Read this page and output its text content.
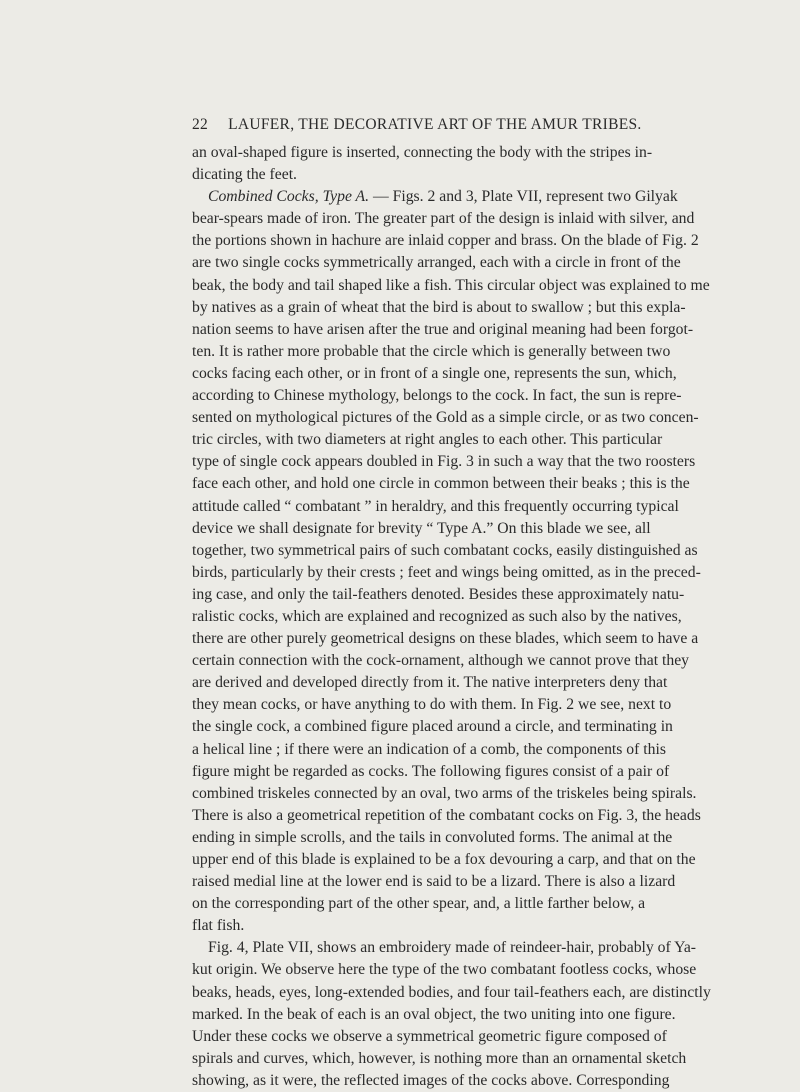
22	LAUFER, THE DECORATIVE ART OF THE AMUR TRIBES.
an oval-shaped figure is inserted, connecting the body with the stripes in-
dicating the feet.
Combined Cocks, Type A. — Figs. 2 and 3, Plate VII, represent two Gilyak
bear-spears made of iron. The greater part of the design is inlaid with silver, and
the portions shown in hachure are inlaid copper and brass. On the blade of Fig. 2
are two single cocks symmetrically arranged, each with a circle in front of the
beak, the body and tail shaped like a fish. This circular object was explained to me
by natives as a grain of wheat that the bird is about to swallow ; but this expla-
nation seems to have arisen after the true and original meaning had been forgot-
ten. It is rather more probable that the circle which is generally between two
cocks facing each other, or in front of a single one, represents the sun, which,
according to Chinese mythology, belongs to the cock. In fact, the sun is repre-
sented on mythological pictures of the Gold as a simple circle, or as two concen-
tric circles, with two diameters at right angles to each other. This particular
type of single cock appears doubled in Fig. 3 in such a way that the two roosters
face each other, and hold one circle in common between their beaks ; this is the
attitude called “ combatant ” in heraldry, and this frequently occurring typical
device we shall designate for brevity “ Type A.” On this blade we see, all
together, two symmetrical pairs of such combatant cocks, easily distinguished as
birds, particularly by their crests ; feet and wings being omitted, as in the preced-
ing case, and only the tail-feathers denoted. Besides these approximately natu-
ralistic cocks, which are explained and recognized as such also by the natives,
there are other purely geometrical designs on these blades, which seem to have a
certain connection with the cock-ornament, although we cannot prove that they
are derived and developed directly from it. The native interpreters deny that
they mean cocks, or have anything to do with them. In Fig. 2 we see, next to
the single cock, a combined figure placed around a circle, and terminating in
a helical line ; if there were an indication of a comb, the components of this
figure might be regarded as cocks. The following figures consist of a pair of
combined triskeles connected by an oval, two arms of the triskeles being spirals.
There is also a geometrical repetition of the combatant cocks on Fig. 3, the heads
ending in simple scrolls, and the tails in convoluted forms. The animal at the
upper end of this blade is explained to be a fox devouring a carp, and that on the
raised medial line at the lower end is said to be a lizard. There is also a lizard
on the corresponding part of the other spear, and, a little farther below, a
flat fish.
Fig. 4, Plate VII, shows an embroidery made of reindeer-hair, probably of Ya-
kut origin. We observe here the type of the two combatant footless cocks, whose
beaks, heads, eyes, long-extended bodies, and four tail-feathers each, are distinctly
marked. In the beak of each is an oval object, the two uniting into one figure.
Under these cocks we observe a symmetrical geometric figure composed of
spirals and curves, which, however, is nothing more than an ornamental sketch
showing, as it were, the reflected images of the cocks above. Corresponding
